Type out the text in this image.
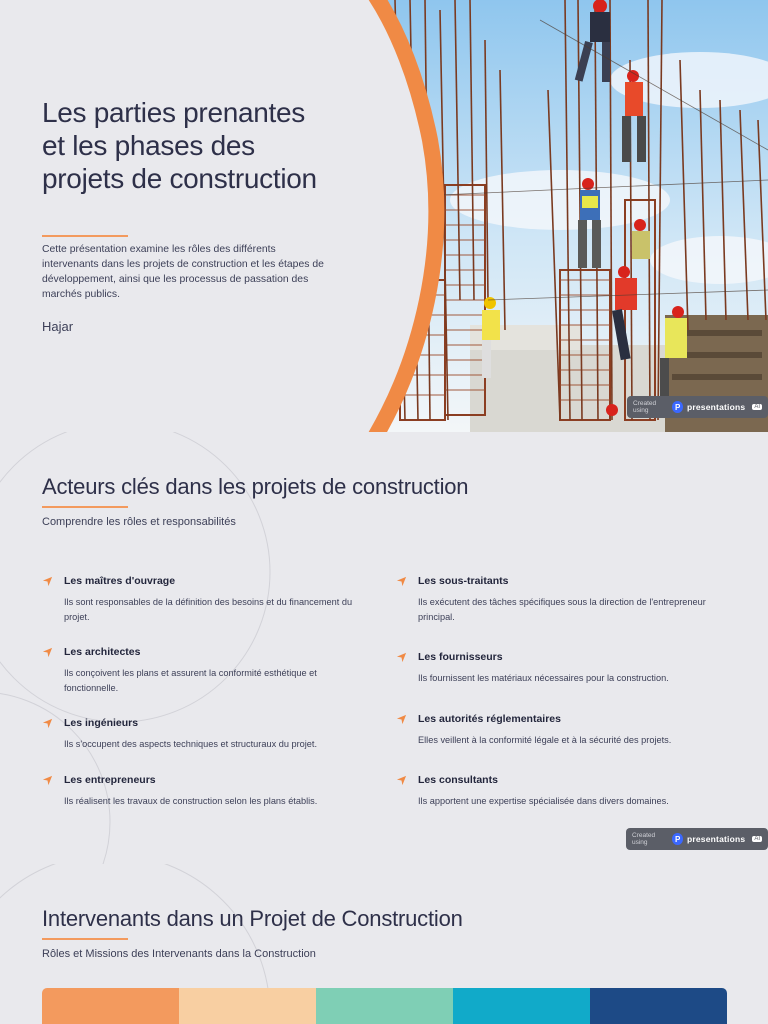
Les parties prenantes et les phases des projets de construction

Cette présentation examine les rôles des différents intervenants dans les projets de construction et les étapes de développement, ainsi que les processus de passation des marchés publics.

Hajar
Created using	P presentations	AI
Acteurs clés dans les projets de construction
Comprendre les rôles et responsabilités
Les maîtres d'ouvrage
Ils sont responsables de la définition des besoins et du financement du projet.
Les architectes
Ils conçoivent les plans et assurent la conformité esthétique et fonctionnelle.
Les ingénieurs
Ils s'occupent des aspects techniques et structuraux du projet.
Les entrepreneurs
Ils réalisent les travaux de construction selon les plans établis.
Les sous-traitants
Ils exécutent des tâches spécifiques sous la direction de l'entrepreneur principal.
Les fournisseurs
Ils fournissent les matériaux nécessaires pour la construction.
Les autorités réglementaires
Elles veillent à la conformité légale et à la sécurité des projets.
Les consultants
Ils apportent une expertise spécialisée dans divers domaines.
Created using	P presentations	AI
Intervenants dans un Projet de Construction
Rôles et Missions des Intervenants dans la Construction
